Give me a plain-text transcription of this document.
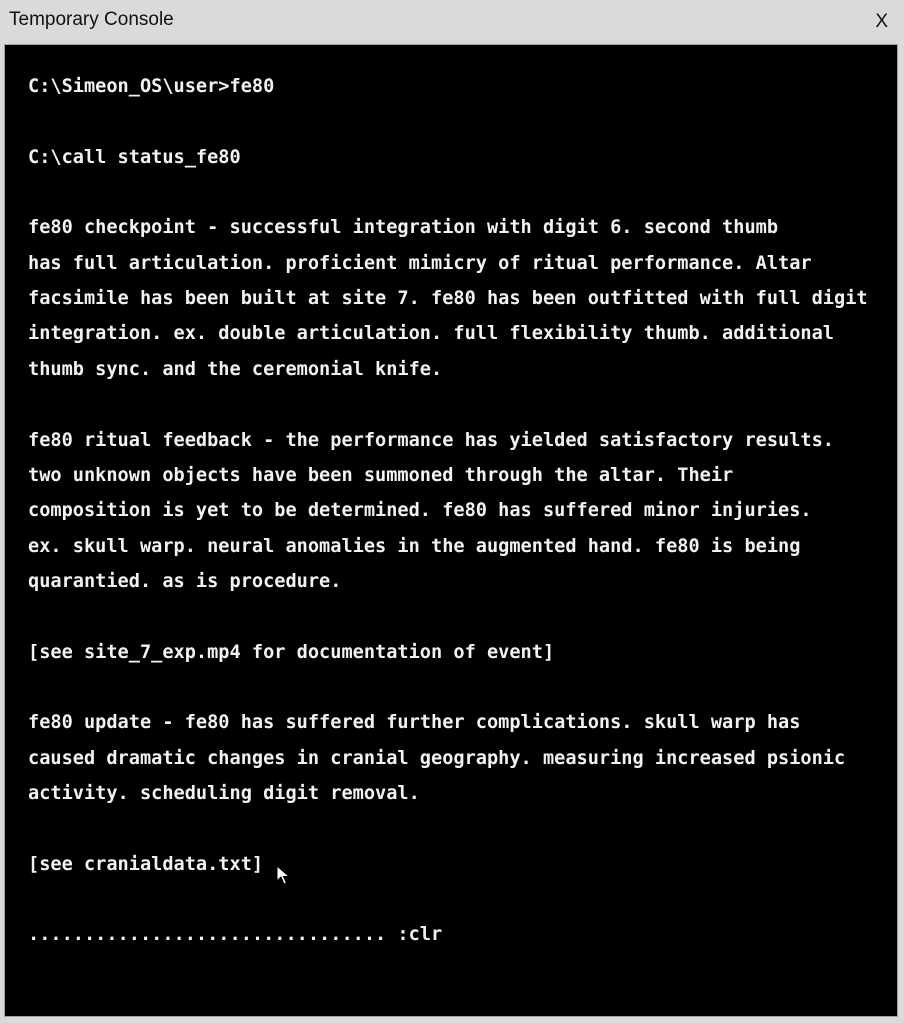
Temporary Console	X
C:\Simeon_OS\user>fe80
C:\call status_fe80
fe80 checkpoint - successful integration with digit 6. second thumb
has full articulation. proficient mimicry of ritual performance. Altar
facsimile has been built at site 7. fe80 has been outfitted with full digit
integration. ex. double articulation. full flexibility thumb. additional
thumb sync. and the ceremonial knife.
fe80 ritual feedback - the performance has yielded satisfactory results.
two unknown objects have been summoned through the altar. Their
composition is yet to be determined. fe80 has suffered minor injuries.
ex. skull warp. neural anomalies in the augmented hand. fe80 is being
quarantied. as is procedure.
[see site_7_exp.mp4 for documentation of event]
fe80 update - fe80 has suffered further complications. skull warp has
caused dramatic changes in cranial geography. measuring increased psionic
activity. scheduling digit removal.
[see cranialdata.txt]
................................ :clr
